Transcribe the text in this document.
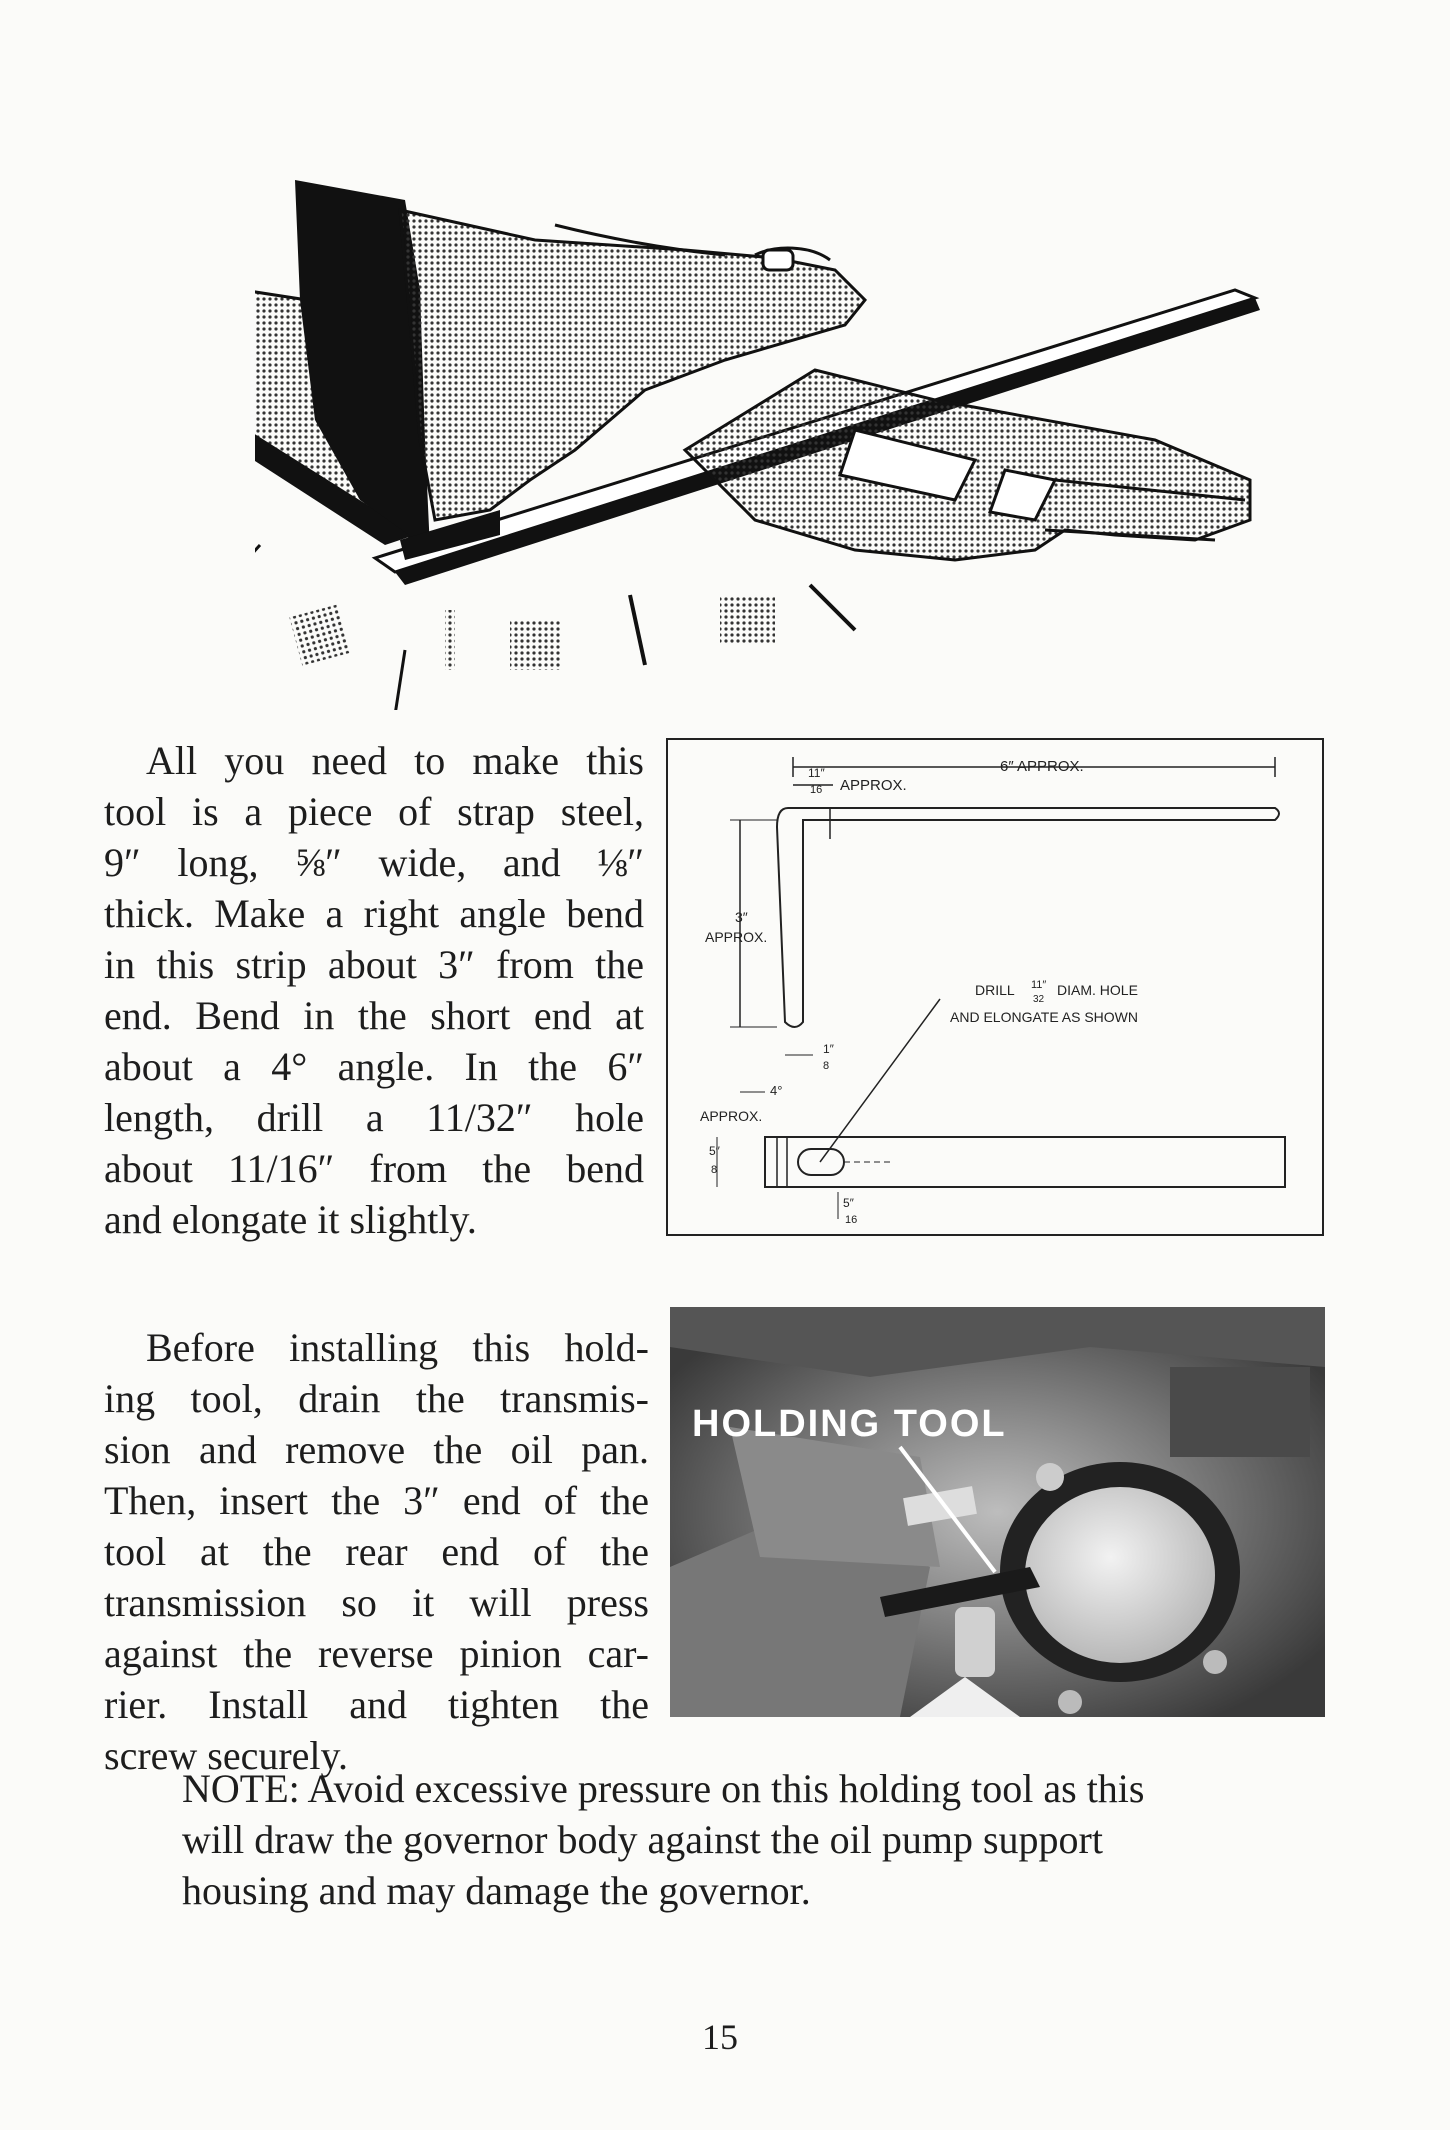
All you need to make this
tool is a piece of strap steel,
9″ long, ⅝″ wide, and ⅛″
thick. Make a right angle bend
in this strip about 3″ from the
end. Bend in the short end at
about a 4° angle. In the 6″
length, drill a 11/32″ hole
about 11/16″ from the bend
and elongate it slightly.
6″ APPROX.
11″
16 APPROX.
3″
APPROX.
DRILL 11″
32
DIAM. HOLE
AND ELONGATE AS SHOWN
1″
8
4°
APPROX.
5″
8
5″
16
Before installing this hold-
ing tool, drain the transmis-
sion and remove the oil pan.
Then, insert the 3″ end of the
tool at the rear end of the
transmission so it will press
against the reverse pinion car-
rier. Install and tighten the
screw securely.
HOLDING TOOL
NOTE: Avoid excessive pressure on this holding tool as this
will draw the governor body against the oil pump support
housing and may damage the governor.
15
